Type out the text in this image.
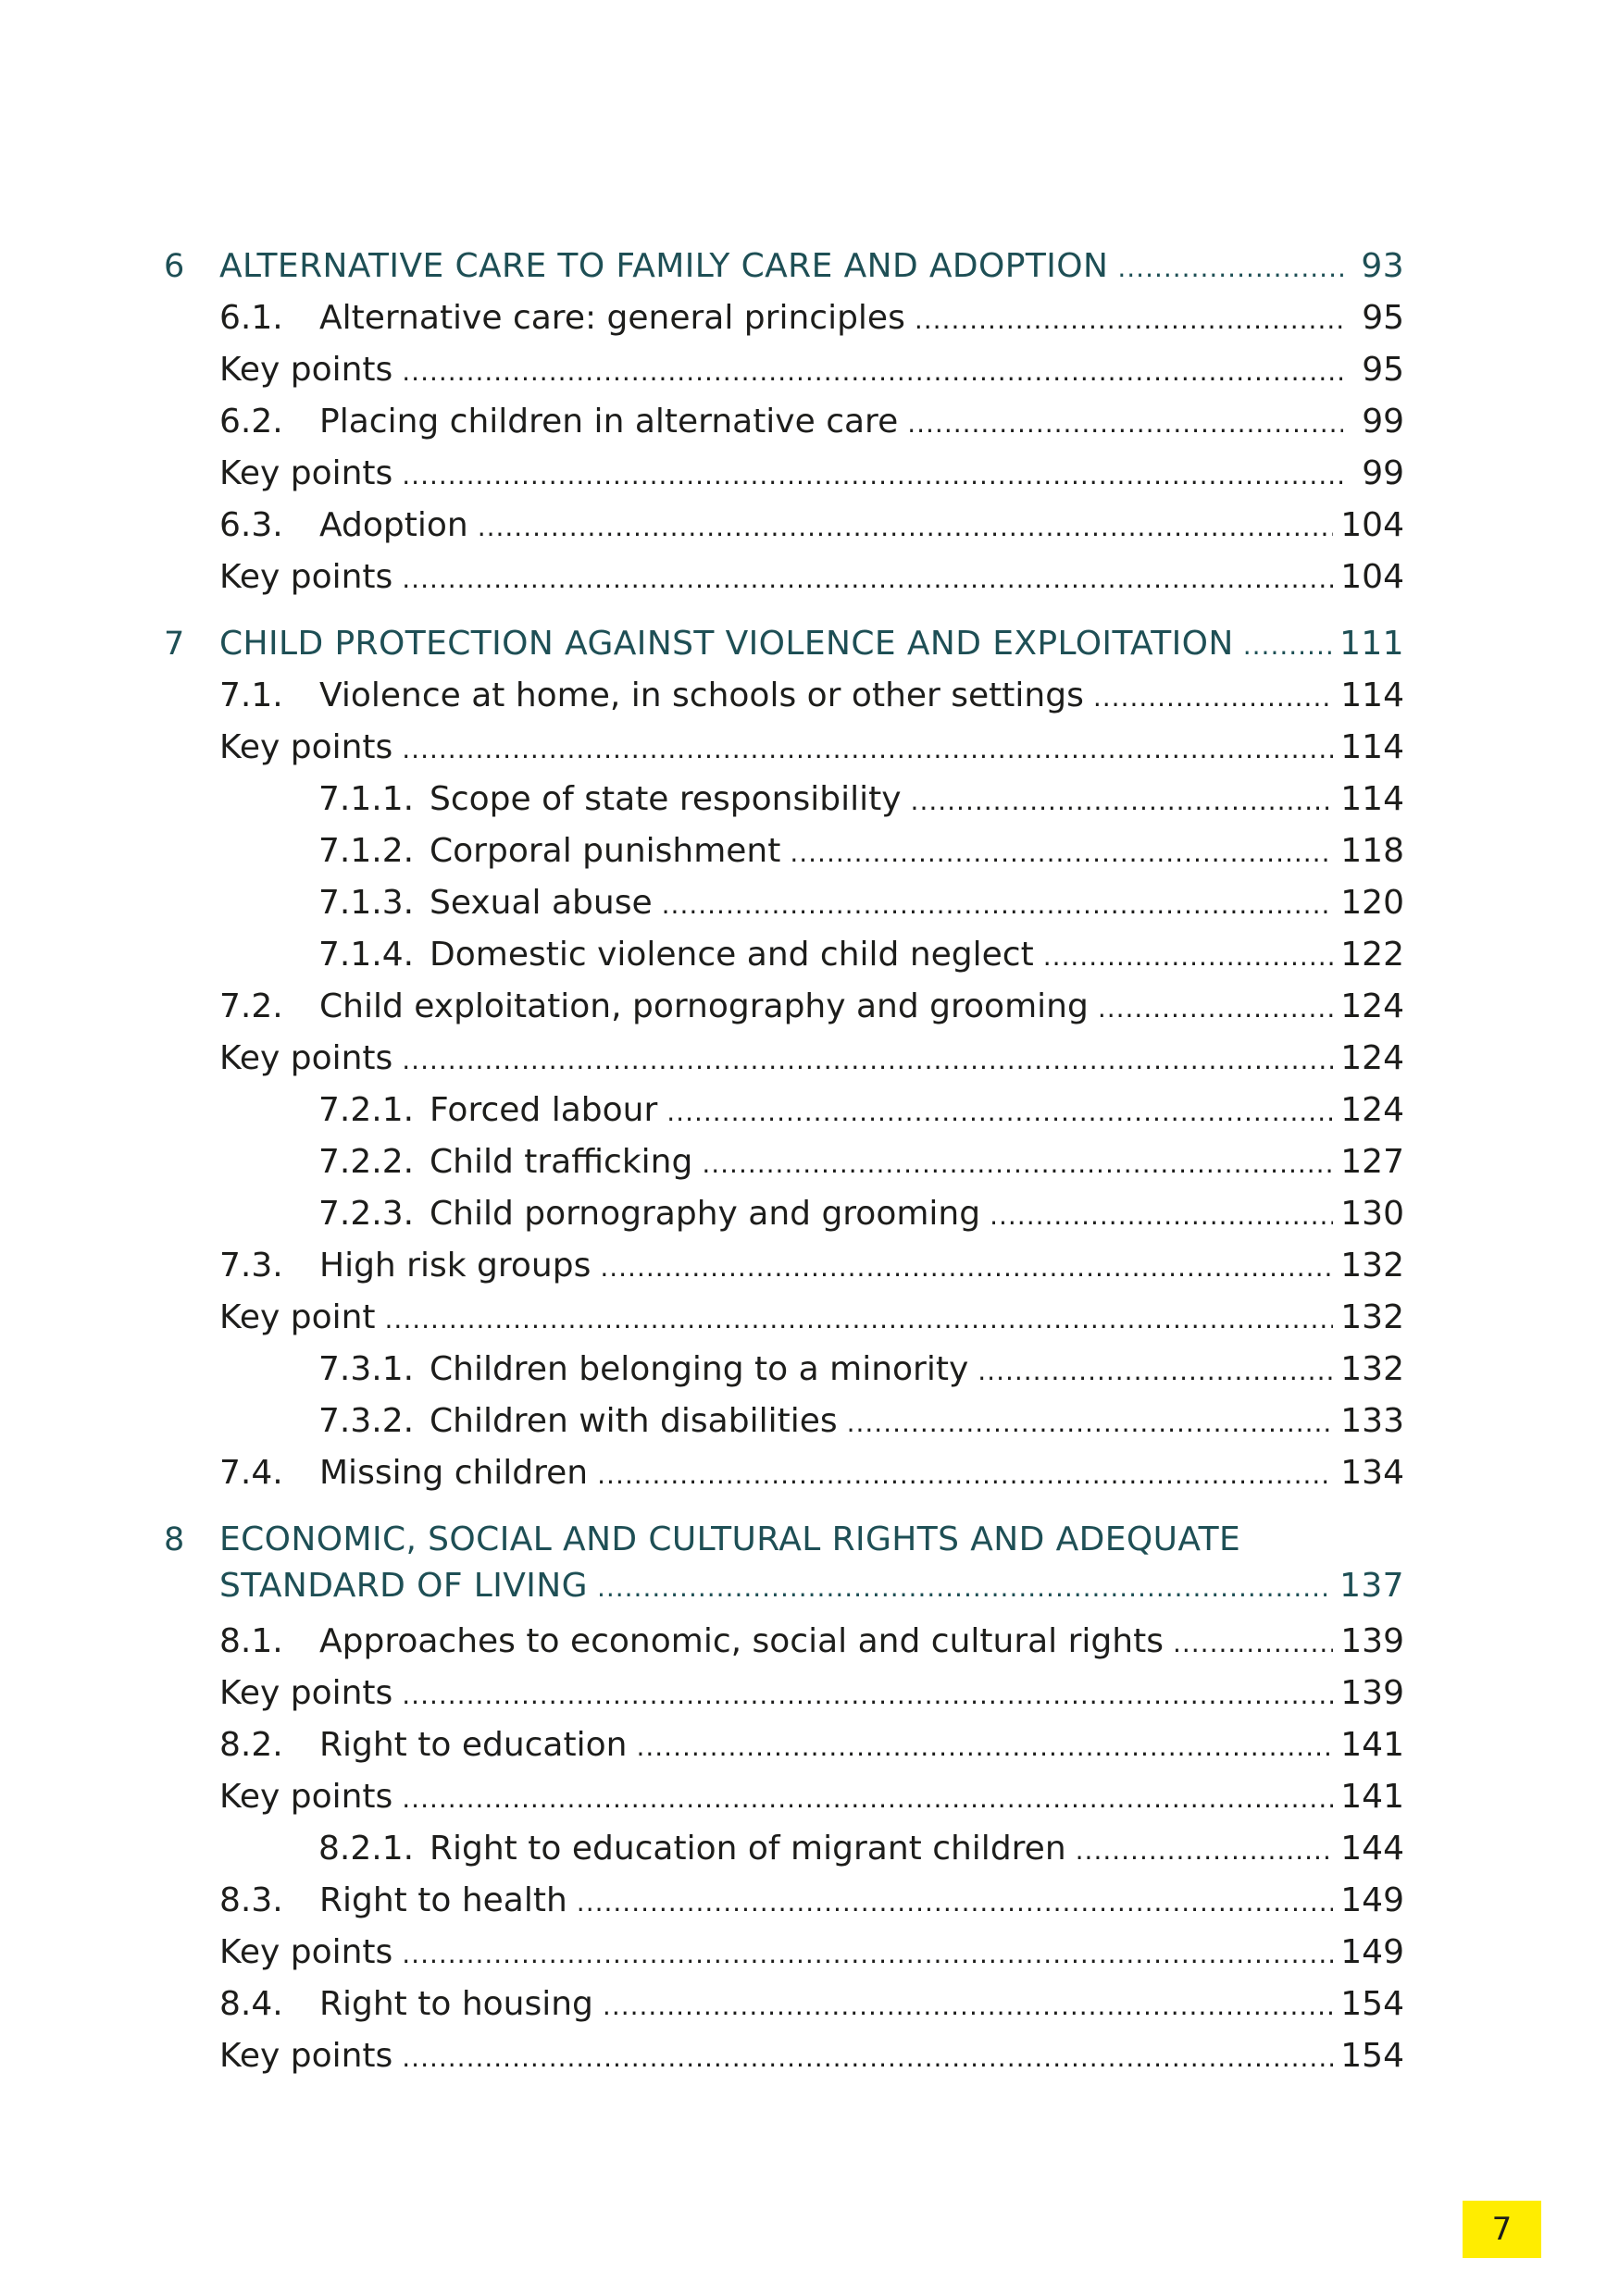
6 ALTERNATIVE CARE TO FAMILY CARE AND ADOPTION .....	93
6.1.	Alternative care: general principles .....	95
Key points .....	95
6.2.	Placing children in alternative care .....	99
Key points .....	99
6.3.	Adoption .....	104
Key points .....	104
7 CHILD PROTECTION AGAINST VIOLENCE AND EXPLOITATION .....	111
7.1.	Violence at home, in schools or other settings .....	114
Key points .....	114
7.1.1. Scope of state responsibility .....	114
7.1.2. Corporal punishment .....	118
7.1.3. Sexual abuse .....	120
7.1.4. Domestic violence and child neglect .....	122
7.2.	Child exploitation, pornography and grooming .....	124
Key points .....	124
7.2.1. Forced labour .....	124
7.2.2. Child trafficking .....	127
7.2.3. Child pornography and grooming .....	130
7.3.	High risk groups .....	132
Key point .....	132
7.3.1. Children belonging to a minority .....	132
7.3.2. Children with disabilities .....	133
7.4.	Missing children .....	134
8 ECONOMIC, SOCIAL AND CULTURAL RIGHTS AND ADEQUATE
STANDARD OF LIVING .....	137
8.1.	Approaches to economic, social and cultural rights .....	139
Key points .....	139
8.2.	Right to education .....	141
Key points .....	141
8.2.1. Right to education of migrant children .....	144
8.3.	Right to health .....	149
Key points .....	149
8.4.	Right to housing .....	154
Key points .....	154
7
